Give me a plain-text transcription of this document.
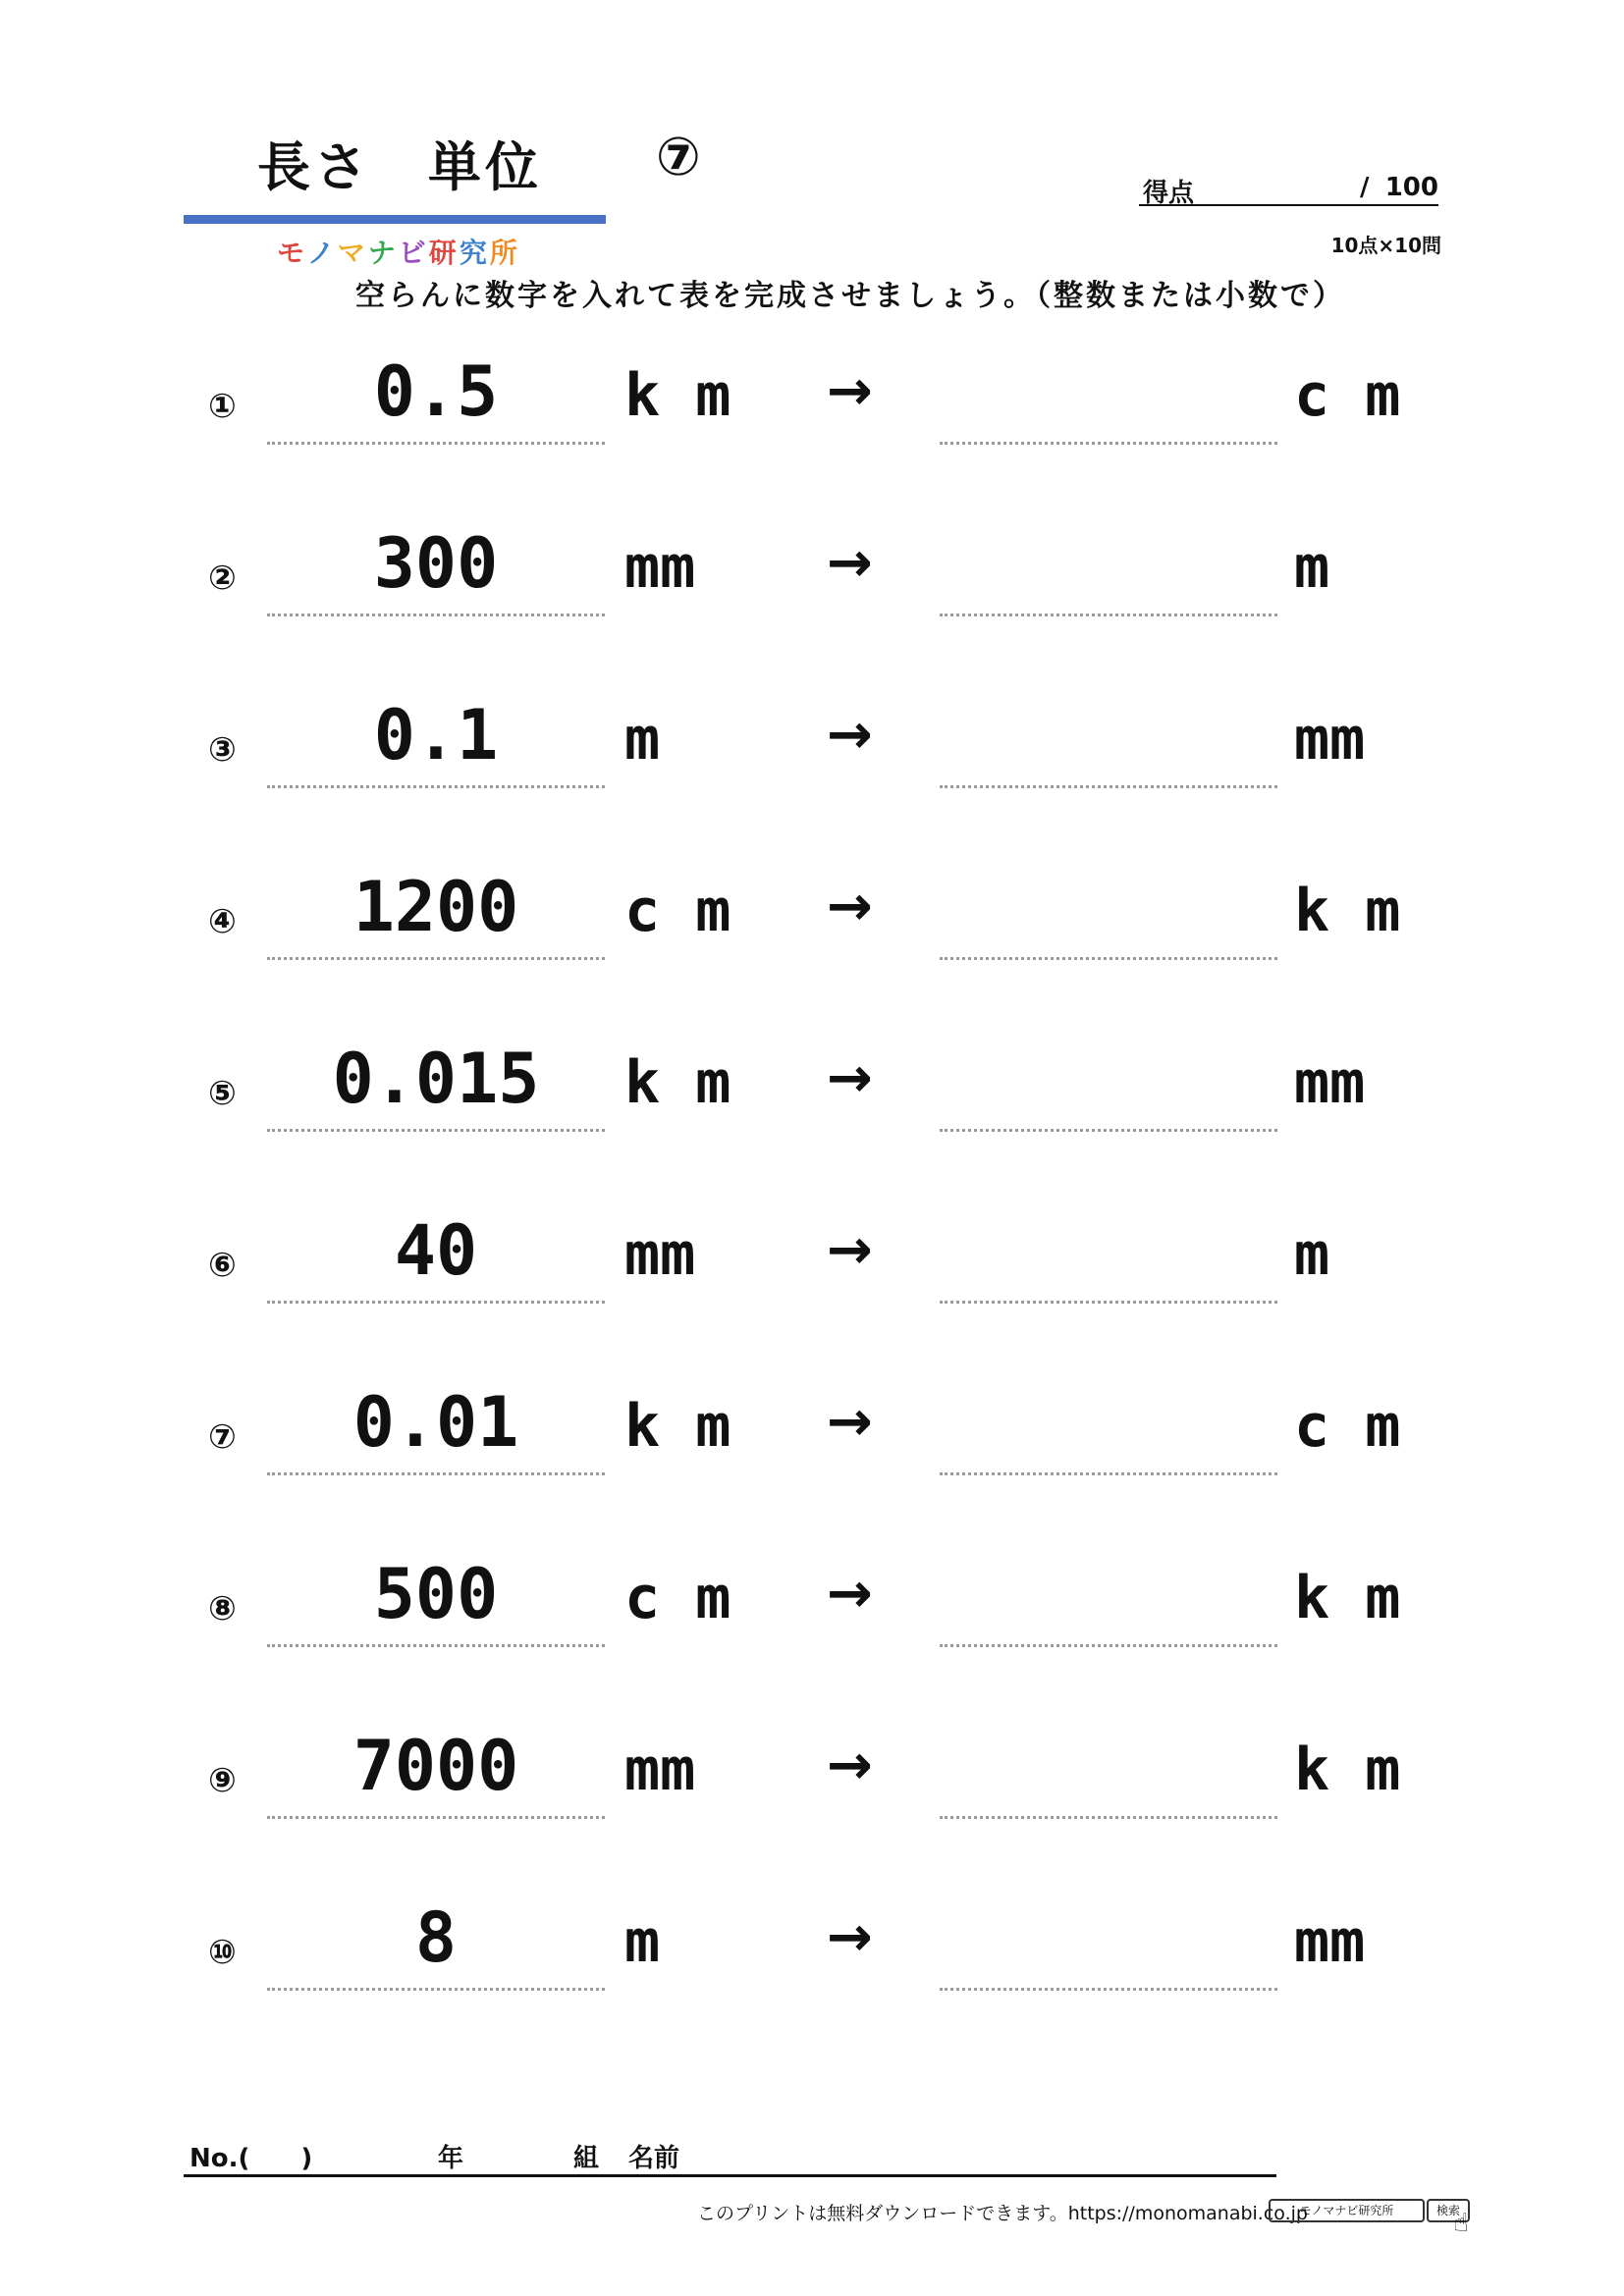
長さ　単位 ⑦
モノマナビ研究所
得点	/ 100
10点×10問
空らんに数字を入れて表を完成させましょう。（整数または小数で）
①	0.5	k m	→	c m
②	300	mm	→	m
③	0.1	m	→	mm
④	1200	c m	→	k m
⑤	0.015	k m	→	mm
⑥	40	mm	→	m
⑦	0.01	k m	→	c m
⑧	500	c m	→	k m
⑨	7000	mm	→	k m
⑩	8	m	→	mm
No.(　　)	年	組 名前
このプリントは無料ダウンロードできます。https://monomanabi.co.jp
モノマナビ研究所	検索
☝
